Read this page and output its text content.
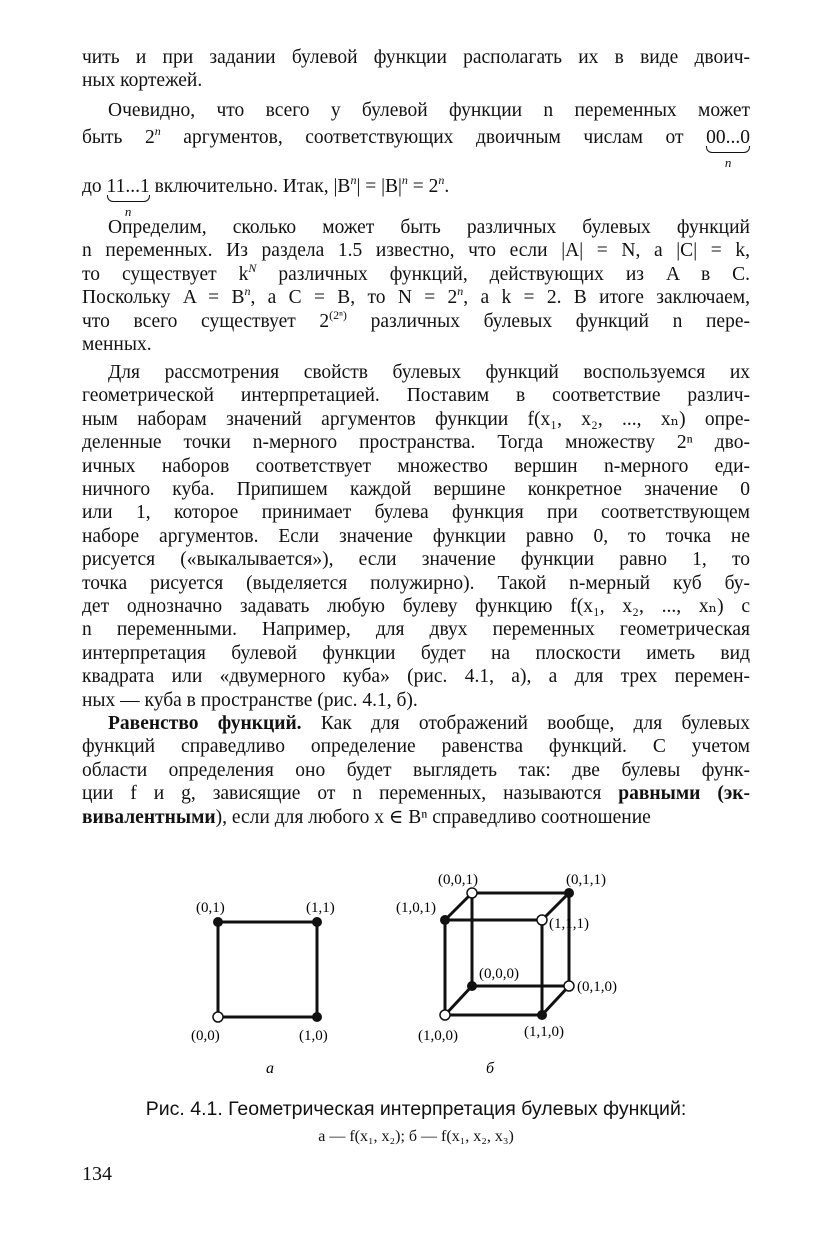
чить и при задании булевой функции располагать их в виде двоич-
ных кортежей.

Очевидно, что всего у булевой функции n переменных может
быть 2$^n$ аргументов, соответствующих двоичным числам от 00...0
n

до 11...1
n
включительно. Итак, $|B^n| = |B|^n = 2^n$.

Определим, сколько может быть различных булевых функций
n переменных. Из раздела 1.5 известно, что если |A| = N, а |C| = k,
то существует $k^N$ различных функций, действующих из A в C.
Поскольку $A = B^n$, а C = B, то $N = 2^n$, а k = 2. В итоге заключаем,
что всего существует $2^{(2^n)}$ различных булевых функций n пере-
менных.

Для рассмотрения свойств булевых функций воспользуемся их
геометрической интерпретацией. Поставим в соответствие различ-
ным наборам значений аргументов функции f(x₁, x₂, ..., xₙ) опре-
деленные точки n-мерного пространства. Тогда множеству 2ⁿ дво-
ичных наборов соответствует множество вершин n-мерного еди-
ничного куба. Припишем каждой вершине конкретное значение 0
или 1, которое принимает булева функция при соответствующем
наборе аргументов. Если значение функции равно 0, то точка не
рисуется («выкалывается»), если значение функции равно 1, то
точка рисуется (выделяется полужирно). Такой n-мерный куб бу-
дет однозначно задавать любую булеву функцию f(x₁, x₂, ..., xₙ) с
n переменными. Например, для двух переменных геометрическая
интерпретация булевой функции будет на плоскости иметь вид
квадрата или «двумерного куба» (рис. 4.1, а), а для трех перемен-
ных — куба в пространстве (рис. 4.1, б).

Равенство функций. Как для отображений вообще, для булевых
функций справедливо определение равенства функций. С учетом
области определения оно будет выглядеть так: две булевы функ-
ции f и g, зависящие от n переменных, называются равными (эк-
вивалентными), если для любого x ∈ Bⁿ справедливо соотношение

(0,1)	(1,1)
(0,0)	(1,0)
а
(0,0,1)	(0,1,1)
(1,0,1)
(1,1,1)
(0,0,0)
(0,1,0)
(1,0,0)	(1,1,0)
б
Рис. 4.1. Геометрическая интерпретация булевых функций:
а — f(x₁, x₂); б — f(x₁, x₂, x₃)
134
